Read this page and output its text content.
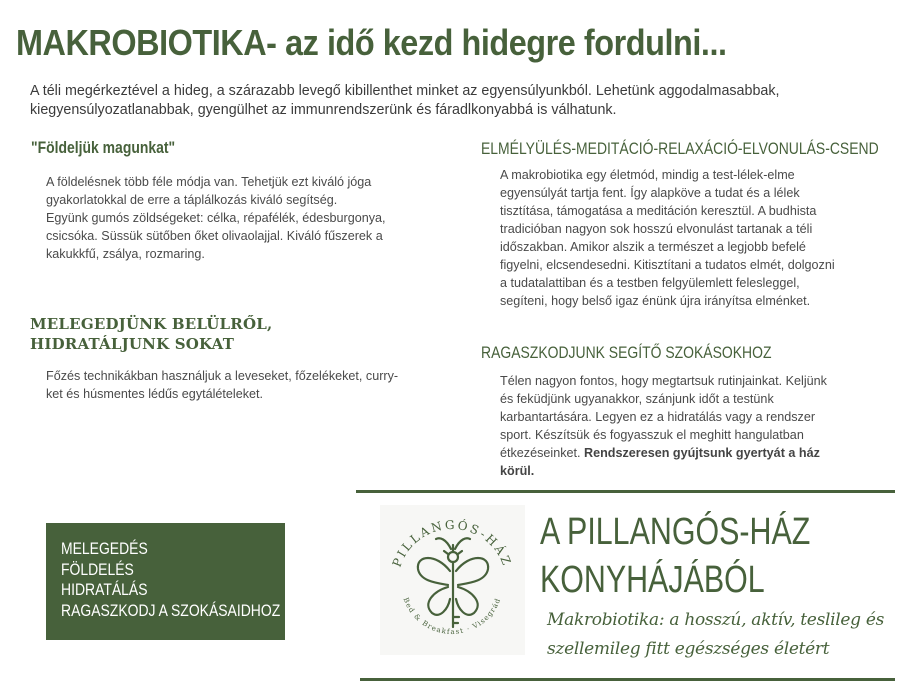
MAKROBIOTIKA- az idő kezd hidegre fordulni...

A téli megérkeztével a hideg, a szárazabb levegő kibillenthet minket az egyensúlyunkból. Lehetünk aggodalmasabbak, kiegyensúlyozatlanabbak, gyengülhet az immunrendszerünk és fáradlkonyabbá is válhatunk.

"Földeljük magunkat"
A földelésnek több féle módja van. Tehetjük ezt kiváló jóga gyakorlatokkal de erre a táplálkozás kiváló segítség.
Együnk gumós zöldségeket: célka, répafélék, édesburgonya, csicsóka. Süssük sütőben őket olivaolajjal. Kiváló fűszerek a kakukkfű, zsálya, rozmaring.
MELEGEDJÜNK BELÜLRŐL,
HIDRATÁLJUNK SOKAT

Főzés technikákban használjuk a leveseket, főzelékeket, curry-ket és húsmentes lédűs egytálételeket.

ELMÉLYÜLÉS-MEDITÁCIÓ-RELAXÁCIÓ-ELVONULÁS-CSEND

A makrobiotika egy életmód, mindig a test-lélek-elme egyensúlyát tartja fent. Így alapköve a tudat és a lélek tisztítása, támogatása a meditáción keresztül. A budhista tradicióban nagyon sok hosszú elvonulást tartanak a téli időszakban. Amikor alszik a természet a legjobb befelé figyelni, elcsendesedni. Kitisztítani a tudatos elmét, dolgozni a tudatalattiban és a testben felgyülemlett felesleggel, segíteni, hogy belső igaz énünk újra irányítsa elménket.

RAGASZKODJUNK SEGÍTŐ SZOKÁSOKHOZ

Télen nagyon fontos, hogy megtartsuk rutinjainkat. Keljünk és feküdjünk ugyanakkor, szánjunk időt a testünk karbantartására. Legyen ez a hidratálás vagy a rendszer sport. Készítsük és fogyasszuk el meghitt hangulatban étkezéseinket. Rendszeresen gyújtsunk gyertyát a ház körül.

MELEGEDÉS
FÖLDELÉS
HIDRATÁLÁS
RAGASZKODJ A SZOKÁSAIDHOZ
PILLANGÓS-HÁZ
Bed & Breakfast · Visegrád
A PILLANGÓS-HÁZ
KONYHÁJÁBÓL

Makrobiotika: a hosszú, aktív, teslileg és szellemileg fitt egészséges életért
